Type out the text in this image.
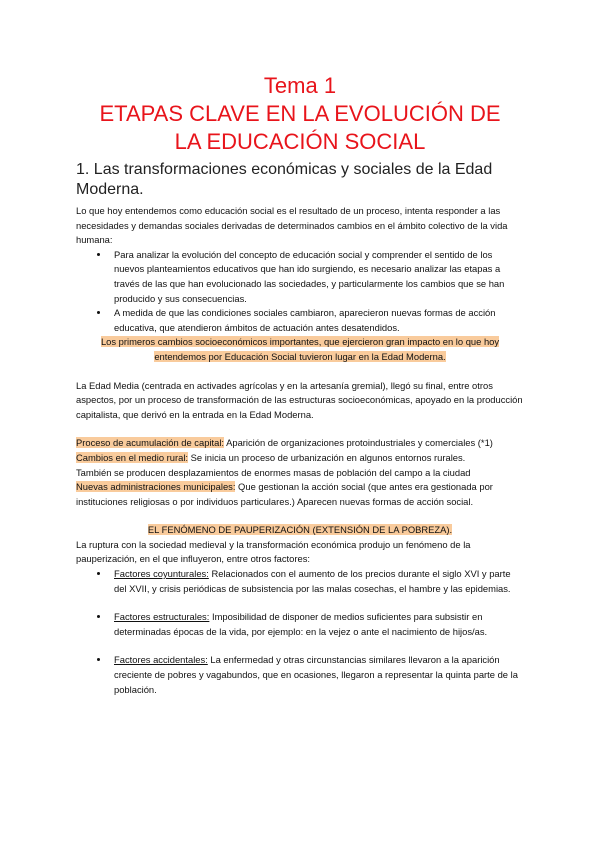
Tema 1
ETAPAS CLAVE EN LA EVOLUCIÓN DE
LA EDUCACIÓN SOCIAL
1. Las transformaciones económicas y sociales de la Edad Moderna.

Lo que hoy entendemos como educación social es el resultado de un proceso, intenta responder a las necesidades y demandas sociales derivadas de determinados cambios en el ámbito colectivo de la vida humana:

• Para analizar la evolución del concepto de educación social y comprender el sentido de los nuevos planteamientos educativos que han ido surgiendo, es necesario analizar las etapas a través de las que han evolucionado las sociedades, y particularmente los cambios que se han producido y sus consecuencias.
• A medida de que las condiciones sociales cambiaron, aparecieron nuevas formas de acción educativa, que atendieron ámbitos de actuación antes desatendidos.

Los primeros cambios socioeconómicos importantes, que ejercieron gran impacto en lo que hoy entendemos por Educación Social tuvieron lugar en la Edad Moderna.

La Edad Media (centrada en activades agrícolas y en la artesanía gremial), llegó su final, entre otros aspectos, por un proceso de transformación de las estructuras socioeconómicas, apoyado en la producción capitalista, que derivó en la entrada en la Edad Moderna.

Proceso de acumulación de capital: Aparición de organizaciones protoindustriales y comerciales (*1)

Cambios en el medio rural: Se inicia un proceso de urbanización en algunos entornos rurales.

También se producen desplazamientos de enormes masas de población del campo a la ciudad

Nuevas administraciones municipales: Que gestionan la acción social (que antes era gestionada por instituciones religiosas o por individuos particulares.) Aparecen nuevas formas de acción social.

EL FENÓMENO DE PAUPERIZACIÓN (EXTENSIÓN DE LA POBREZA).

La ruptura con la sociedad medieval y la transformación económica produjo un fenómeno de la pauperización, en el que influyeron, entre otros factores:

• Factores coyunturales: Relacionados con el aumento de los precios durante el siglo XVI y parte del XVII, y crisis periódicas de subsistencia por las malas cosechas, el hambre y las epidemias.
• Factores estructurales: Imposibilidad de disponer de medios suficientes para subsistir en determinadas épocas de la vida, por ejemplo: en la vejez o ante el nacimiento de hijos/as.
• Factores accidentales: La enfermedad y otras circunstancias similares llevaron a la aparición creciente de pobres y vagabundos, que en ocasiones, llegaron a representar la quinta parte de la población.
